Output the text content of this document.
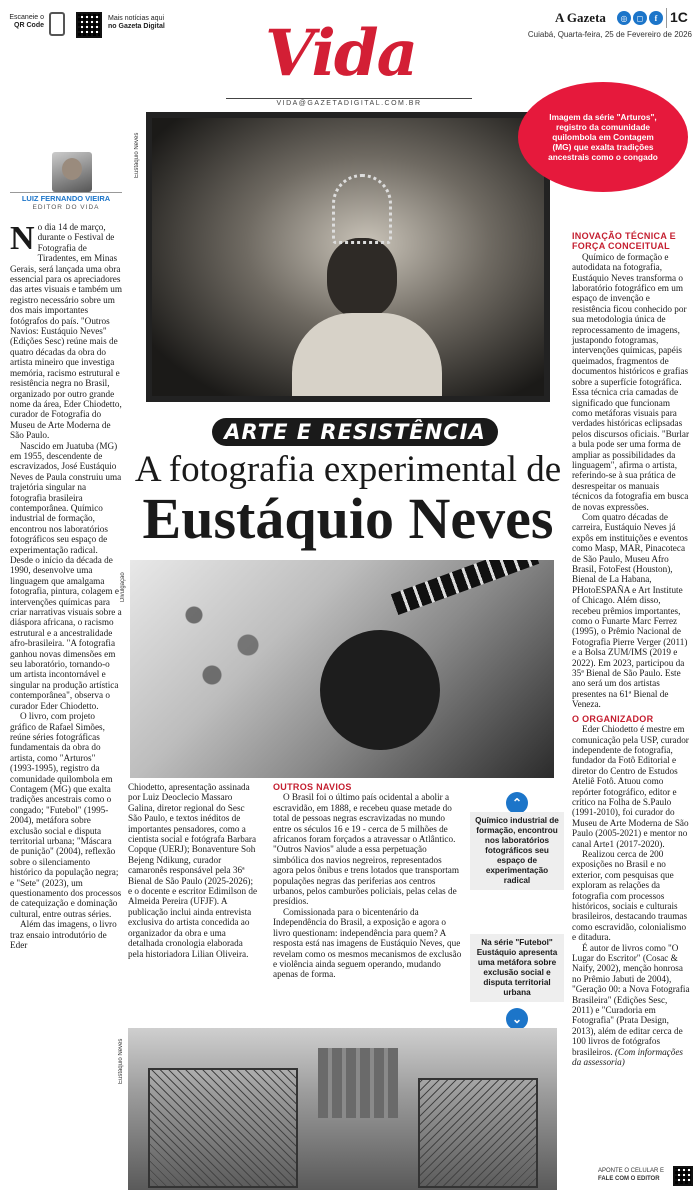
Escaneie o
QR Code
Mais notícias aqui
no Gazeta Digital
A Gazeta	◎	◻	f 1C
Cuiabá, Quarta-feira, 25 de Fevereiro de 2026
Vida
VIDA@GAZETADIGITAL.COM.BR
LUIZ FERNANDO VIEIRA
EDITOR DO VIDA

No dia 14 de março, durante o Festival de Fotografia de Tiradentes, em Minas Gerais, será lançada uma obra essencial para os apreciadores das artes visuais e também um registro necessário sobre um dos mais importantes fotógrafos do país. "Outros Navios: Eustáquio Neves" (Edições Sesc) reúne mais de quatro décadas da obra do artista mineiro que investiga memória, racismo estrutural e resistência negra no Brasil, organizado por outro grande nome da área, Eder Chiodetto, curador de Fotografia do Museu de Arte Moderna de São Paulo.

Nascido em Juatuba (MG) em 1955, descendente de escravizados, José Eustáquio Neves de Paula construiu uma trajetória singular na fotografia brasileira contemporânea. Químico industrial de formação, encontrou nos laboratórios fotográficos seu espaço de experimentação radical. Desde o início da década de 1990, desenvolve uma linguagem que amalgama fotografia, pintura, colagem e intervenções químicas para criar narrativas visuais sobre a diáspora africana, o racismo estrutural e a ancestralidade afro-brasileira. "A fotografia ganhou novas dimensões em seu laboratório, tornando-o um artista incontornável e singular na produção artística contemporânea", observa o curador Eder Chiodetto.

O livro, com projeto gráfico de Rafael Simões, reúne séries fotográficas fundamentais da obra do artista, como "Arturos" (1993-1995), registro da comunidade quilombola em Contagem (MG) que exalta tradições ancestrais como o congado; "Futebol" (1995-2004), metáfora sobre exclusão social e disputa territorial urbana; "Máscara de punição" (2004), reflexão sobre o silenciamento histórico da população negra; e "Sete" (2023), um questionamento dos processos de catequização e dominação cultural, entre outras séries.

Além das imagens, o livro traz ensaio introdutório de Eder

Eustáquio Neves
Imagem da série "Arturos", registro da comunidade quilombola em Contagem (MG) que exalta tradições ancestrais como o congado
INOVAÇÃO TÉCNICA E FORÇA CONCEITUAL

Químico de formação e autodidata na fotografia, Eustáquio Neves transforma o laboratório fotográfico em um espaço de invenção e resistência ficou conhecido por sua metodologia única de reprocessamento de imagens, justapondo fotogramas, intervenções químicas, papéis queimados, fragmentos de documentos históricos e grafias sobre a superfície fotográfica. Essa técnica cria camadas de significado que funcionam como metáforas visuais para verdades históricas eclipsadas pelos discursos oficiais. "Burlar a bula pode ser uma forma de ampliar as possibilidades da linguagem", afirma o artista, referindo-se à sua prática de desrespeitar os manuais técnicos da fotografia em busca de novas expressões.

Com quatro décadas de carreira, Eustáquio Neves já expôs em instituições e eventos como Masp, MAR, Pinacoteca de São Paulo, Museu Afro Brasil, FotoFest (Houston), Bienal de La Habana, PHotoESPAÑA e Art Institute of Chicago. Além disso, recebeu prêmios importantes, como o Funarte Marc Ferrez (1995), o Prêmio Nacional de Fotografia Pierre Verger (2011) e a Bolsa ZUM/IMS (2019 e 2022). Em 2023, participou da 35ª Bienal de São Paulo. Este ano será um dos artistas presentes na 61ª Bienal de Veneza.

O ORGANIZADOR

Eder Chiodetto é mestre em comunicação pela USP, curador independente de fotografia, fundador da Fotô Editorial e diretor do Centro de Estudos Ateliê Fotô. Atuou como repórter fotográfico, editor e crítico na Folha de S.Paulo (1991-2010), foi curador do Museu de Arte Moderna de São Paulo (2005-2021) e mentor no canal Arte1 (2017-2020).

Realizou cerca de 200 exposições no Brasil e no exterior, com pesquisas que exploram as relações da fotografia com processos históricos, sociais e culturais brasileiros, destacando traumas como escravidão, colonialismo e ditadura.

É autor de livros como "O Lugar do Escritor" (Cosac & Naify, 2002), menção honrosa no Prêmio Jabuti de 2004), "Geração 00: a Nova Fotografia Brasileira" (Edições Sesc, 2011) e "Curadoria em Fotografia" (Prata Design, 2013), além de editar cerca de 100 livros de fotógrafos brasileiros. (Com informações da assessoria)

ARTE E RESISTÊNCIA
A fotografia experimental de
Eustáquio Neves
Divulgação

Chiodetto, apresentação assinada por Luiz Deoclecio Massaro Galina, diretor regional do Sesc São Paulo, e textos inéditos de importantes pensadores, como a cientista social e fotógrafa Barbara Copque (UERJ); Bonaventure Soh Bejeng Ndikung, curador camaronês responsável pela 36ª Bienal de São Paulo (2025-2026); e o docente e escritor Edimilson de Almeida Pereira (UFJF). A publicação inclui ainda entrevista exclusiva do artista concedida ao organizador da obra e uma detalhada cronologia elaborada pela historiadora Lilian Oliveira.

OUTROS NAVIOS

O Brasil foi o último país ocidental a abolir a escravidão, em 1888, e recebeu quase metade do total de pessoas negras escravizadas no mundo entre os séculos 16 e 19 - cerca de 5 milhões de africanos foram forçados a atravessar o Atlântico. "Outros Navios" alude a essa perpetuação simbólica dos navios negreiros, representados agora pelos ônibus e trens lotados que transportam populações negras das periferias aos centros urbanos, pelos camburões policiais, pelas celas de presídios.

Comissionada para o bicentenário da Independência do Brasil, a exposição e agora o livro questionam: independência para quem? A resposta está nas imagens de Eustáquio Neves, que revelam como os mesmos mecanismos de exclusão e violência ainda seguem operando, mudando apenas de forma.

⌃
Químico industrial de formação, encontrou nos laboratórios fotográficos seu espaço de experimentação radical
Na série "Futebol" Eustáquio apresenta uma metáfora sobre exclusão social e disputa territorial urbana
⌄
Eustáquio Neves
APONTE O CELULAR E
FALE COM O EDITOR
